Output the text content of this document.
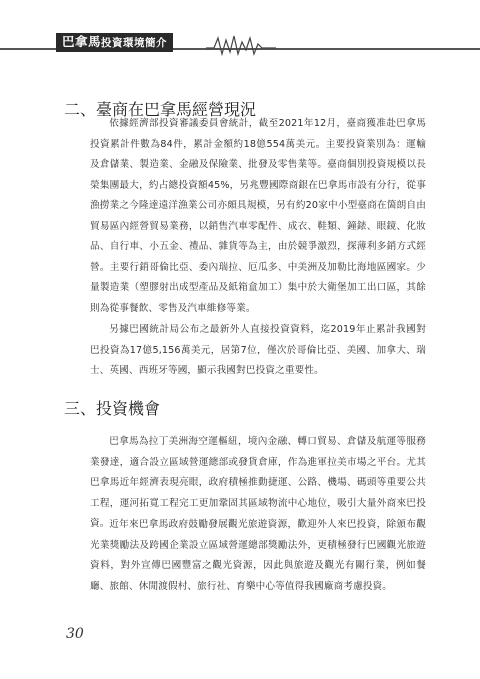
巴拿馬投資環境簡介
二、臺商在巴拿馬經營現況

依據經濟部投資審議委員會統計，截至2021年12月，臺商獲准赴巴拿馬投資累計件數為84件，累計金額約18億554萬美元。主要投資業別為：運輸及倉儲業、製造業、金融及保險業、批發及零售業等。臺商個別投資規模以長榮集團最大，約占總投資額45%，另兆豐國際商銀在巴拿馬市設有分行，從事漁撈業之今隆達遠洋漁業公司亦頗具規模，另有約20家中小型臺商在箇朗自由貿易區內經營貿易業務，以銷售汽車零配件、成衣、鞋類、鐘錶、眼鏡、化妝品、自行車、小五金、禮品、雜貨等為主，由於競爭激烈，探薄利多銷方式經營。主要行銷哥倫比亞、委內瑞拉、厄瓜多、中美洲及加勒比海地區國家。少量製造業（塑膠射出成型產品及紙箱盒加工）集中於大衛堡加工出口區，其餘則為從事餐飲、零售及汽車維修等業。

另據巴國統計局公布之最新外人直接投資資料，迄2019年止累計我國對巴投資為17億5,156萬美元，居第7位，僅次於哥倫比亞、美國、加拿大、瑞士、英國、西班牙等國，顯示我國對巴投資之重要性。

三、投資機會

巴拿馬為拉丁美洲海空運樞紐，境內金融、轉口貿易、倉儲及航運等服務業發達，適合設立區域營運總部或發貨倉庫，作為進軍拉美市場之平台。尤其巴拿馬近年經濟表現亮眼，政府積極推動捷運、公路、機場、碼頭等重要公共工程，運河拓寬工程完工更加鞏固其區域物流中心地位，吸引大量外商來巴投資。 近年來巴拿馬政府鼓勵發展觀光旅遊資源，歡迎外人來巴投資，除頒布觀光業獎勵法及跨國企業設立區域營運總部獎勵法外，更積極發行巴國觀光旅遊資料，對外宣傳巴國豐富之觀光資源，因此與旅遊及觀光有關行業，例如餐廳、旅館、休閒渡假村、旅行社、育樂中心等值得我國廠商考慮投資。

30
